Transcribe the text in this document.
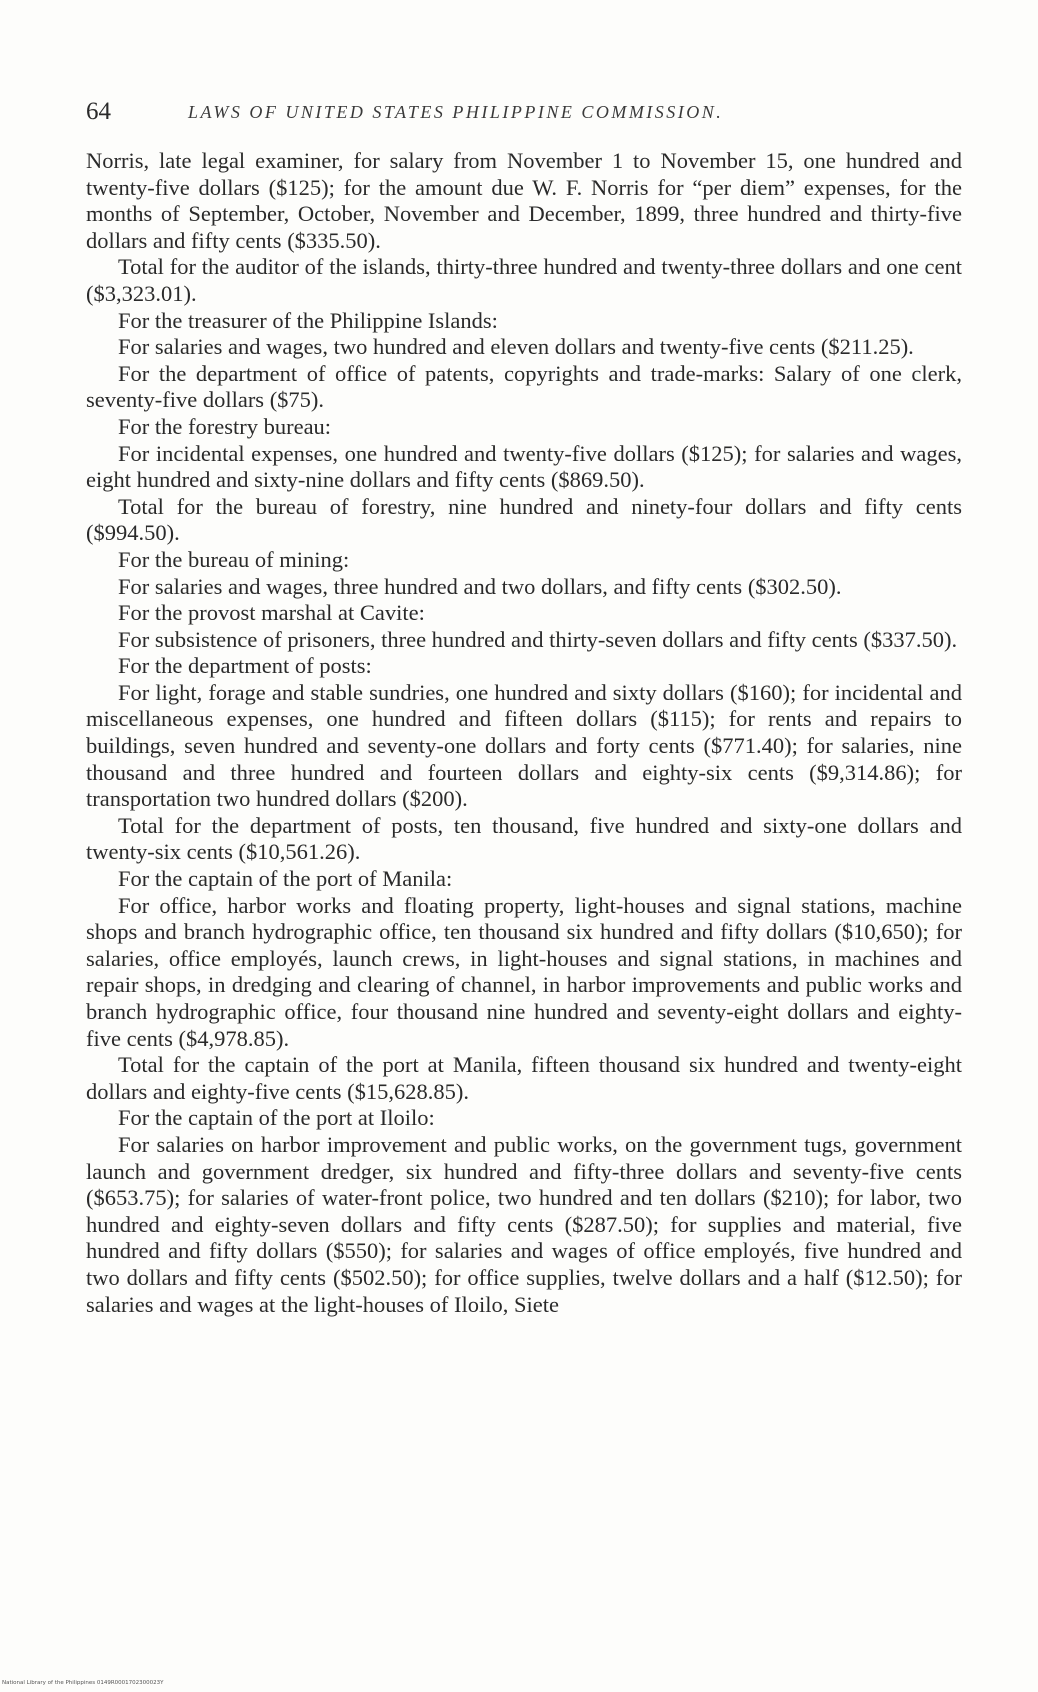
64	LAWS OF UNITED STATES PHILIPPINE COMMISSION.

Norris, late legal examiner, for salary from November 1 to November 15, one hundred and twenty-five dollars ($125); for the amount due W. F. Norris for “per diem” expenses, for the months of September, October, November and December, 1899, three hundred and thirty-five dollars and fifty cents ($335.50).

Total for the auditor of the islands, thirty-three hundred and twenty-three dollars and one cent ($3,323.01).

For the treasurer of the Philippine Islands:

For salaries and wages, two hundred and eleven dollars and twenty-five cents ($211.25).

For the department of office of patents, copyrights and trade-marks: Salary of one clerk, seventy-five dollars ($75).

For the forestry bureau:

For incidental expenses, one hundred and twenty-five dollars ($125); for salaries and wages, eight hundred and sixty-nine dollars and fifty cents ($869.50).

Total for the bureau of forestry, nine hundred and ninety-four dollars and fifty cents ($994.50).

For the bureau of mining:

For salaries and wages, three hundred and two dollars, and fifty cents ($302.50).

For the provost marshal at Cavite:

For subsistence of prisoners, three hundred and thirty-seven dollars and fifty cents ($337.50).

For the department of posts:

For light, forage and stable sundries, one hundred and sixty dollars ($160); for incidental and miscellaneous expenses, one hundred and fifteen dollars ($115); for rents and repairs to buildings, seven hundred and seventy-one dollars and forty cents ($771.40); for salaries, nine thousand and three hundred and fourteen dollars and eighty-six cents ($9,314.86); for transportation two hundred dollars ($200).

Total for the department of posts, ten thousand, five hundred and sixty-one dollars and twenty-six cents ($10,561.26).

For the captain of the port of Manila:

For office, harbor works and floating property, light-houses and signal stations, machine shops and branch hydrographic office, ten thousand six hundred and fifty dollars ($10,650); for salaries, office employés, launch crews, in light-houses and signal stations, in machines and repair shops, in dredging and clearing of channel, in harbor improvements and public works and branch hydrographic office, four thousand nine hundred and seventy-eight dollars and eighty-five cents ($4,978.85).

Total for the captain of the port at Manila, fifteen thousand six hundred and twenty-eight dollars and eighty-five cents ($15,628.85).

For the captain of the port at Iloilo:

For salaries on harbor improvement and public works, on the government tugs, government launch and government dredger, six hundred and fifty-three dollars and seventy-five cents ($653.75); for salaries of water-front police, two hundred and ten dollars ($210); for labor, two hundred and eighty-seven dollars and fifty cents ($287.50); for supplies and material, five hundred and fifty dollars ($550); for salaries and wages of office employés, five hundred and two dollars and fifty cents ($502.50); for office supplies, twelve dollars and a half ($12.50); for salaries and wages at the light-houses of Iloilo, Siete

National Library of the Philippines 0149R0001702300023Y
